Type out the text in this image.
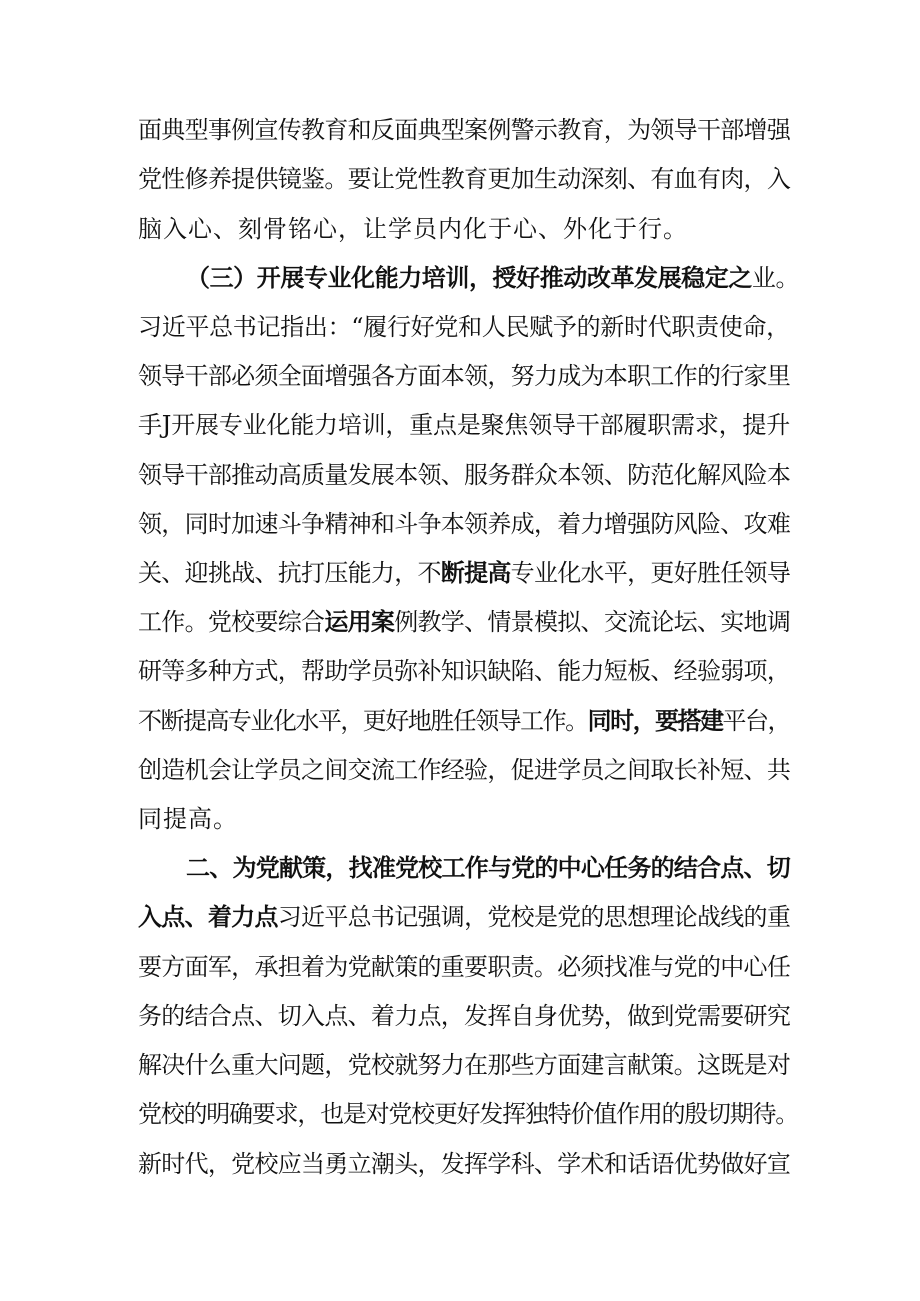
面典型事例宣传教育和反面典型案例警示教育，为领导干部增强
党性修养提供镜鉴。要让党性教育更加生动深刻、有血有肉，入
脑入心、刻骨铭心，让学员内化于心、外化于行。
（三）开展专业化能力培训，授好推动改革发展稳定之业。
习近平总书记指出：“履行好党和人民赋予的新时代职责使命，
领导干部必须全面增强各方面本领，努力成为本职工作的行家里
手J开展专业化能力培训，重点是聚焦领导干部履职需求，提升
领导干部推动高质量发展本领、服务群众本领、防范化解风险本
领，同时加速斗争精神和斗争本领养成，着力增强防风险、攻难
关、迎挑战、抗打压能力，不断提高专业化水平，更好胜任领导
工作。党校要综合运用案例教学、情景模拟、交流论坛、实地调
研等多种方式，帮助学员弥补知识缺陷、能力短板、经验弱项，
不断提高专业化水平，更好地胜任领导工作。同时，要搭建平台，
创造机会让学员之间交流工作经验，促进学员之间取长补短、共
同提高。
二、为党献策，找准党校工作与党的中心任务的结合点、切
入点、着力点习近平总书记强调，党校是党的思想理论战线的重
要方面军，承担着为党献策的重要职责。必须找准与党的中心任
务的结合点、切入点、着力点，发挥自身优势，做到党需要研究
解决什么重大问题，党校就努力在那些方面建言献策。这既是对
党校的明确要求，也是对党校更好发挥独特价值作用的殷切期待。
新时代，党校应当勇立潮头，发挥学科、学术和话语优势做好宣
